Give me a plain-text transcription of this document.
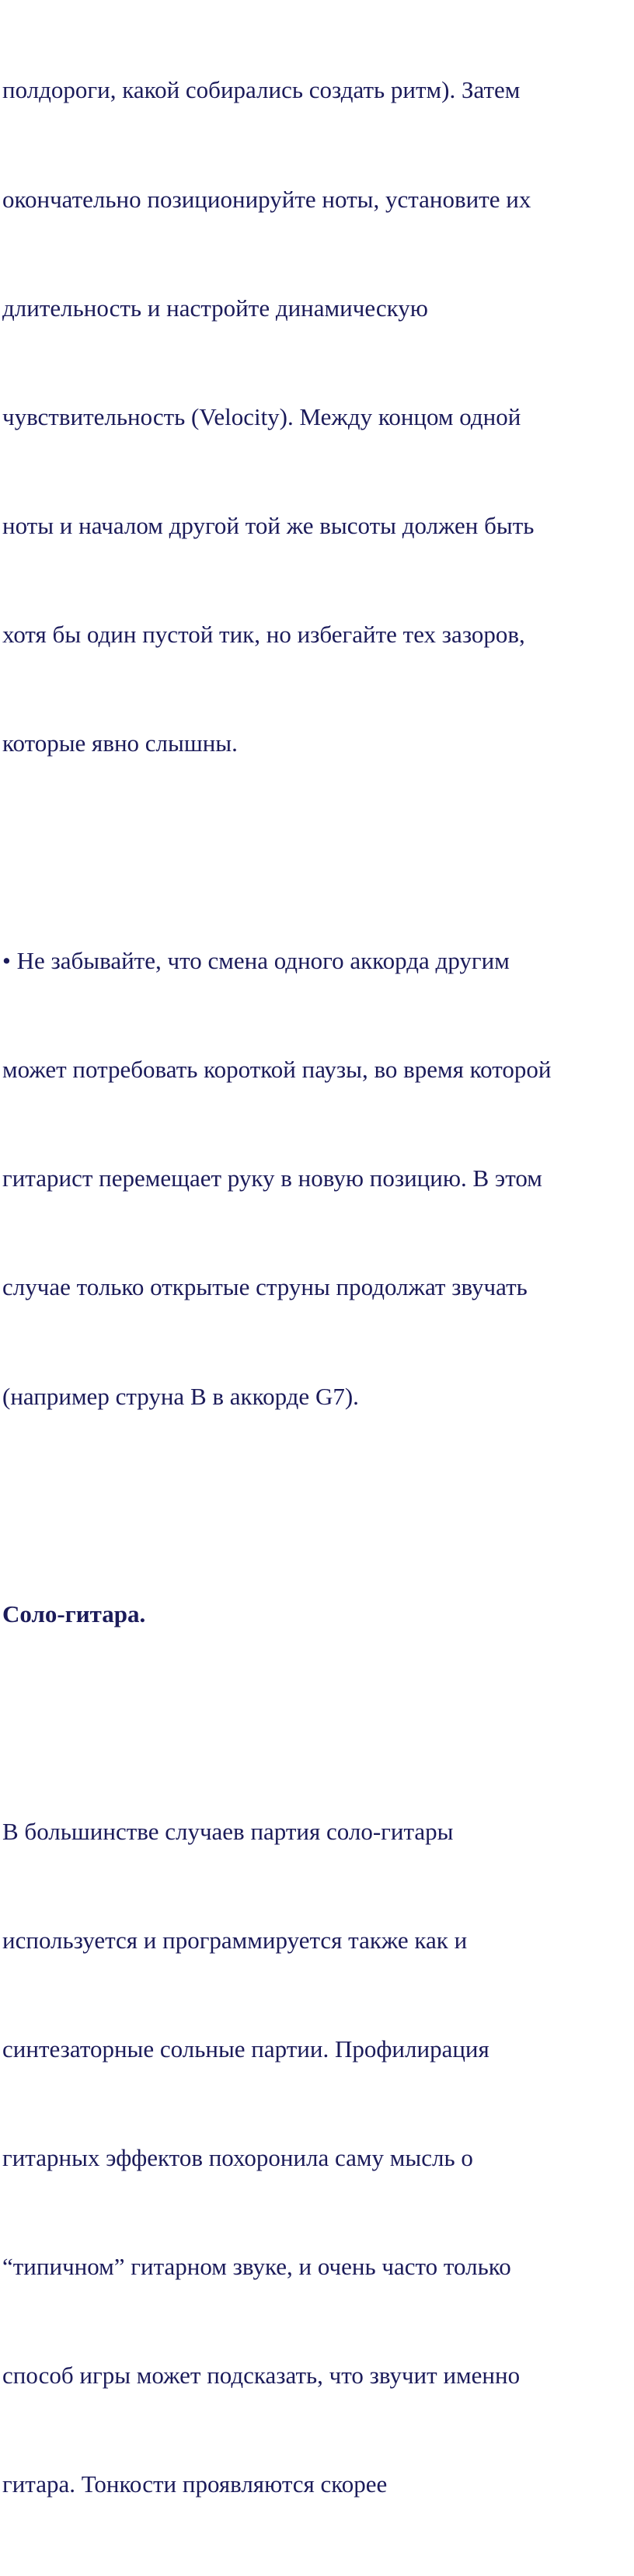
полдороги, какой собирались создать ритм). Затем

окончательно позиционируйте ноты, установите их

длительность и настройте динамическую

чувствительность (Velocity). Между концом одной

ноты и началом другой той же высоты должен быть

хотя бы один пустой тик, но избегайте тех зазоров,

которые явно слышны.

• Не забывайте, что смена одного аккорда другим

может потребовать короткой паузы, во время которой

гитарист перемещает руку в новую позицию. В этом

случае только открытые струны продолжат звучать

(например струна B в аккорде G7).

Соло-гитара.

В большинстве случаев партия соло-гитары

используется и программируется также как и

синтезаторные сольные партии. Профилирация

гитарных эффектов похоронила саму мысль о

“типичном” гитарном звуке, и очень часто только

способ игры может подсказать, что звучит именно

гитара. Тонкости проявляются скорее
